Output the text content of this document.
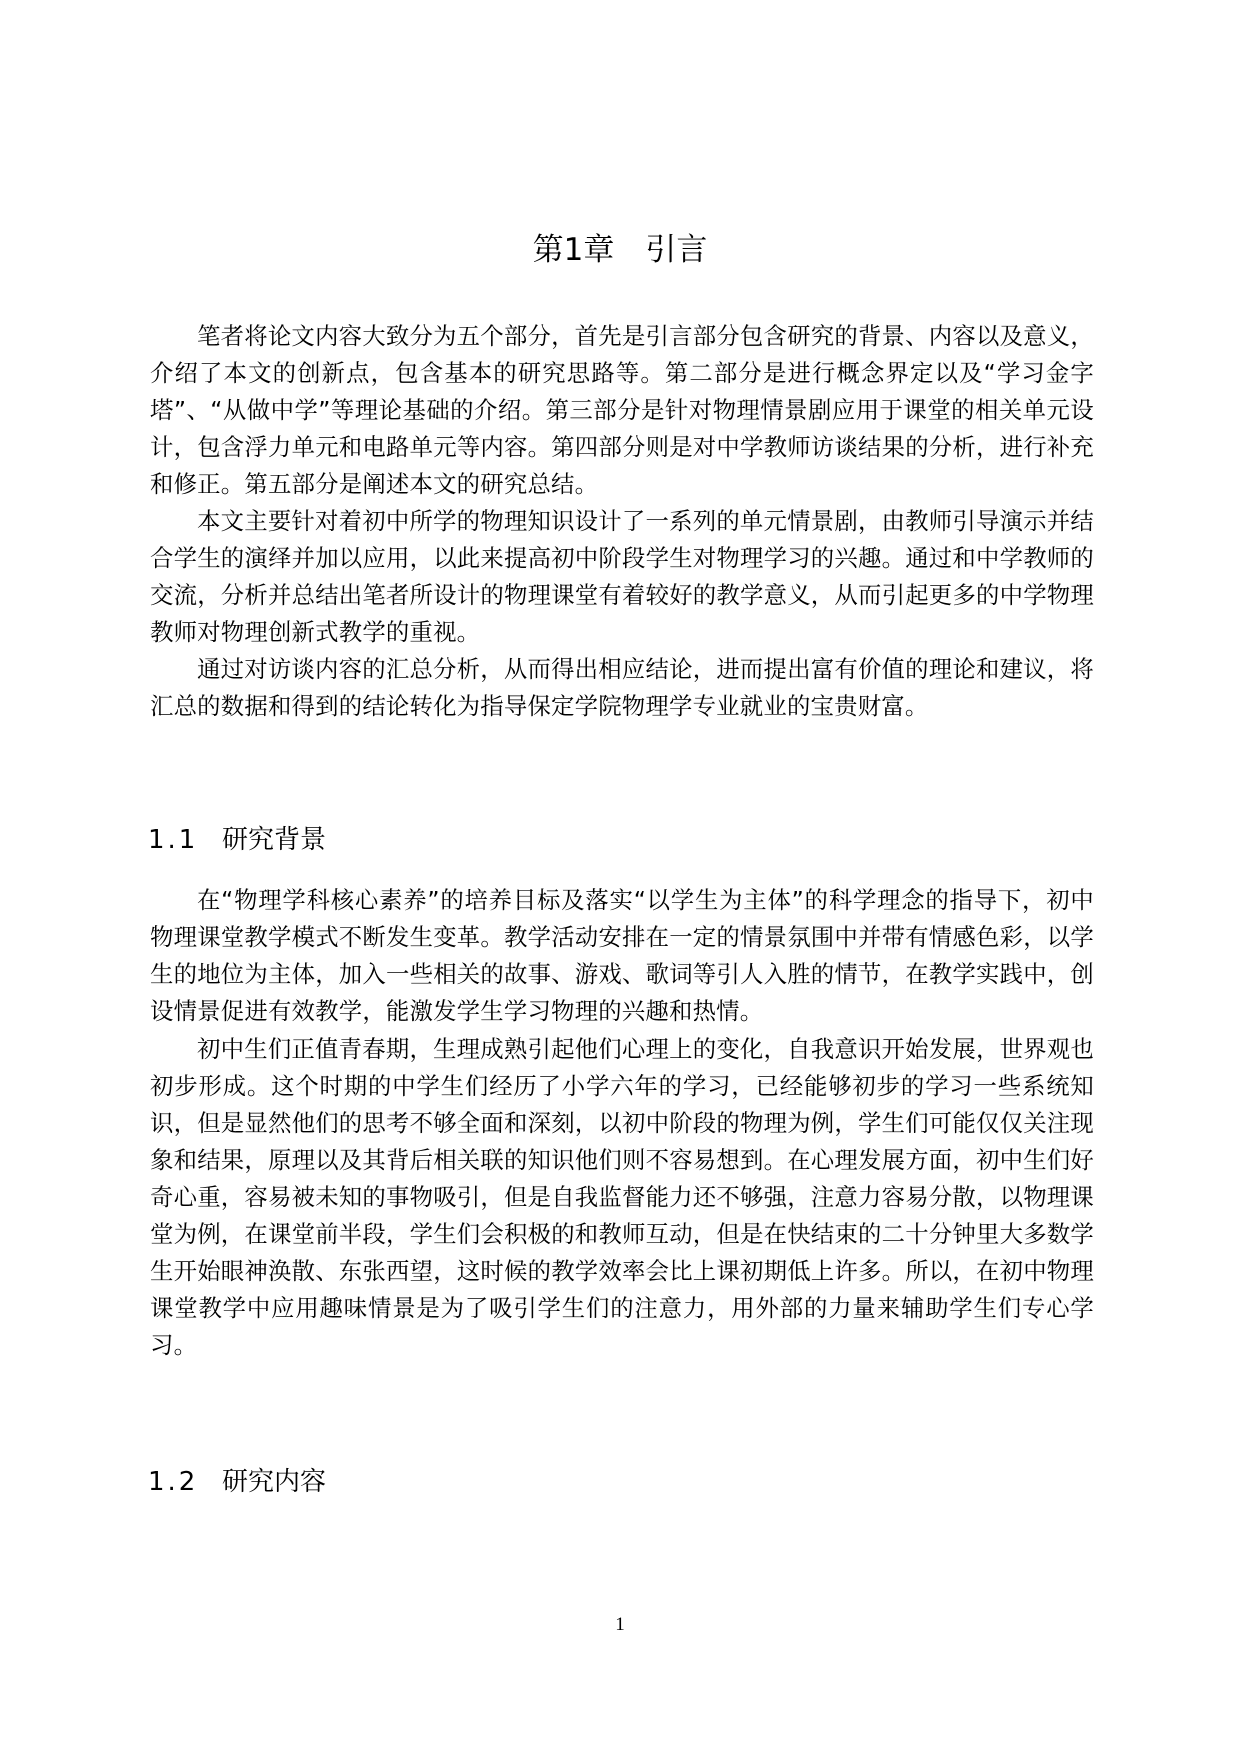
第1章　引言

笔者将论文内容大致分为五个部分，首先是引言部分包含研究的背景、内容以及意义，介绍了本文的创新点，包含基本的研究思路等。第二部分是进行概念界定以及“学习金字塔”、“从做中学”等理论基础的介绍。第三部分是针对物理情景剧应用于课堂的相关单元设计，包含浮力单元和电路单元等内容。第四部分则是对中学教师访谈结果的分析，进行补充和修正。第五部分是阐述本文的研究总结。

本文主要针对着初中所学的物理知识设计了一系列的单元情景剧，由教师引导演示并结合学生的演绎并加以应用，以此来提高初中阶段学生对物理学习的兴趣。通过和中学教师的交流，分析并总结出笔者所设计的物理课堂有着较好的教学意义，从而引起更多的中学物理教师对物理创新式教学的重视。

通过对访谈内容的汇总分析，从而得出相应结论，进而提出富有价值的理论和建议，将汇总的数据和得到的结论转化为指导保定学院物理学专业就业的宝贵财富。

1.1 研究背景

在“物理学科核心素养”的培养目标及落实“以学生为主体”的科学理念的指导下，初中物理课堂教学模式不断发生变革。教学活动安排在一定的情景氛围中并带有情感色彩，以学生的地位为主体，加入一些相关的故事、游戏、歌词等引人入胜的情节，在教学实践中，创设情景促进有效教学，能激发学生学习物理的兴趣和热情。

初中生们正值青春期，生理成熟引起他们心理上的变化，自我意识开始发展，世界观也初步形成。这个时期的中学生们经历了小学六年的学习，已经能够初步的学习一些系统知识，但是显然他们的思考不够全面和深刻，以初中阶段的物理为例，学生们可能仅仅关注现象和结果，原理以及其背后相关联的知识他们则不容易想到。在心理发展方面，初中生们好奇心重，容易被未知的事物吸引，但是自我监督能力还不够强，注意力容易分散，以物理课堂为例，在课堂前半段，学生们会积极的和教师互动，但是在快结束的二十分钟里大多数学生开始眼神涣散、东张西望，这时候的教学效率会比上课初期低上许多。所以，在初中物理课堂教学中应用趣味情景是为了吸引学生们的注意力，用外部的力量来辅助学生们专心学习。

1.2 研究内容
1
